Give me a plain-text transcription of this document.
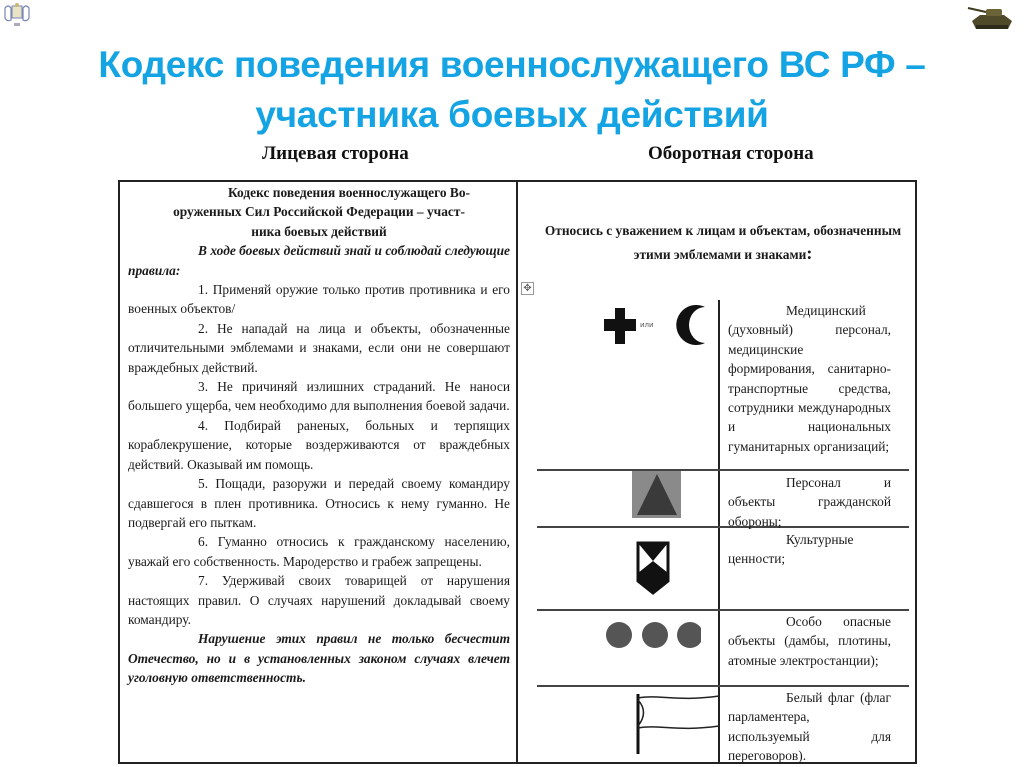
Кодекс поведения военнослужащего ВС РФ –
участника боевых действий
Лицевая сторона	Оборотная сторона

Кодекс поведения военнослужащего Во-
оруженных Сил Российской Федерации – участ-
ника боевых действий

В ходе боевых действий знай и соблюдай следующие правила:

1. Применяй оружие только против противника и его военных объектов/

2. Не нападай на лица и объекты, обозначенные отличительными эмблемами и знаками, если они не совершают враждебных действий.

3. Не причиняй излишних страданий. Не наноси большего ущерба, чем необходимо для выполнения боевой задачи.

4. Подбирай раненых, больных и терпящих кораблекрушение, которые воздерживаются от враждебных действий. Оказывай им помощь.

5. Пощади, разоружи и передай своему командиру сдавшегося в плен противника. Относись к нему гуманно. Не подвергай его пыткам.

6. Гуманно относись к гражданскому населению, уважай его собственность. Мародерство и грабеж запрещены.

7. Удерживай своих товарищей от нарушения настоящих правил. О случаях нарушений докладывай своему командиру.

Нарушение этих правил не только бесчестит Отечество, но и в установленных законом случаях влечет уголовную ответственность.

Относись с уважением к лицам и объектам, обозначенным этими эмблемами и знаками:
✥
или
Медицинский (духовный) персонал, медицинские формирования, санитарно-транспортные средства, сотрудники международных и национальных гуманитарных организаций;
Персонал и объекты гражданской обороны;
Культурные ценности;
Особо опасные объекты (дамбы, плотины, атомные электростанции);
Белый флаг (флаг парламентера, используемый для переговоров).
